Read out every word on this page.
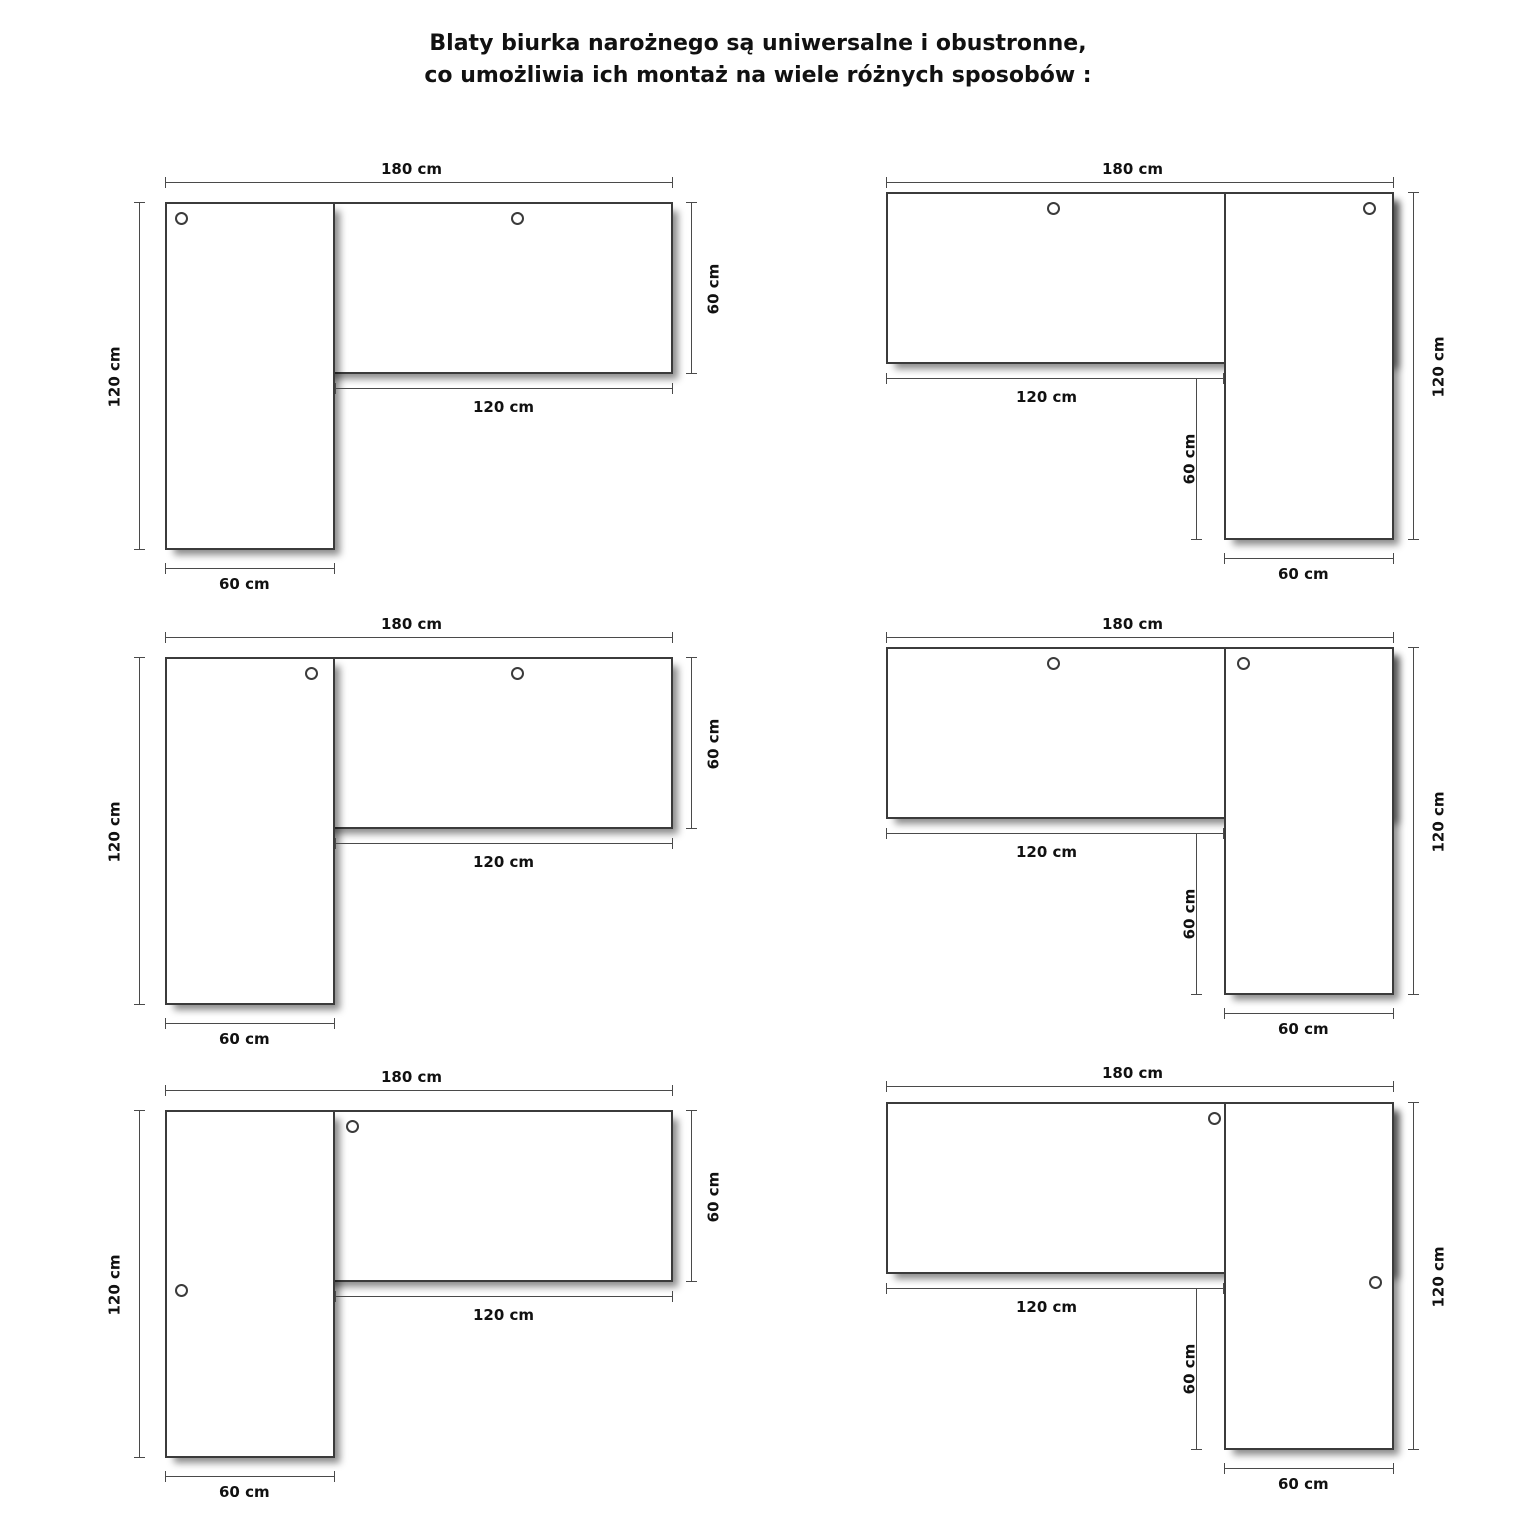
Blaty biurka narożnego są uniwersalne i obustronne,
co umożliwia ich montaż na wiele różnych sposobów :
180 cm
120 cm
60 cm
120 cm
60 cm
180 cm
120 cm
120 cm
60 cm
60 cm
180 cm
120 cm
60 cm
120 cm
60 cm
180 cm
120 cm
120 cm
60 cm
60 cm
180 cm
120 cm
60 cm
120 cm
60 cm
180 cm
120 cm
120 cm
60 cm
60 cm
